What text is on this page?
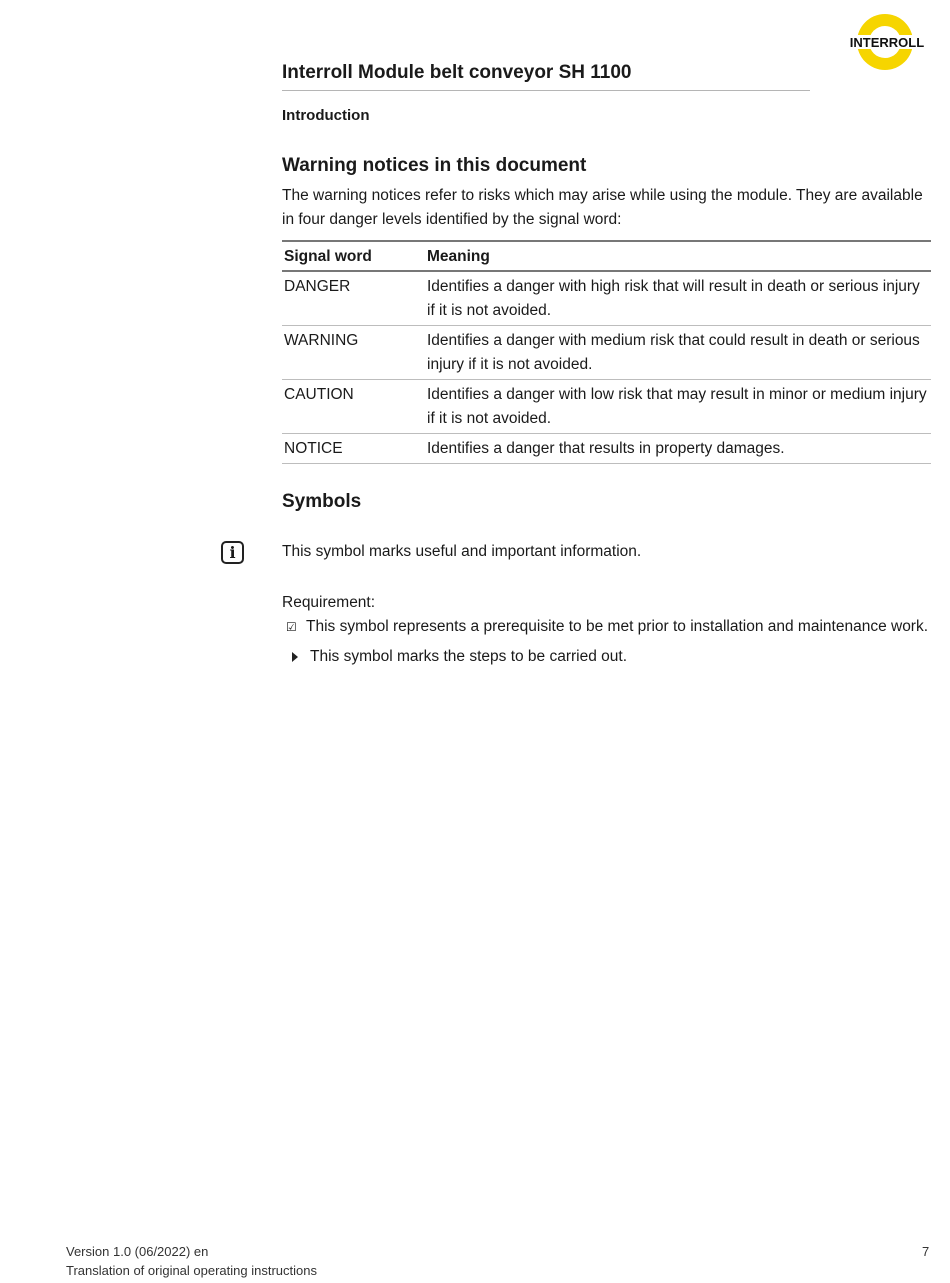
INTERROLL
Interroll Module belt conveyor SH 1100
Introduction
Warning notices in this document
The warning notices refer to risks which may arise while using the module. They are available in four danger levels identified by the signal word:
Signal word	Meaning
DANGER	Identifies a danger with high risk that will result in death or serious injury if it is not avoided.
WARNING	Identifies a danger with medium risk that could result in death or serious injury if it is not avoided.
CAUTION	Identifies a danger with low risk that may result in minor or medium injury if it is not avoided.
NOTICE	Identifies a danger that results in property damages.
Symbols
i	This symbol marks useful and important information.
Requirement:
☑ This symbol represents a prerequisite to be met prior to installation and maintenance work.
This symbol marks the steps to be carried out.
Version 1.0 (06/2022) en
Translation of original operating instructions
7
